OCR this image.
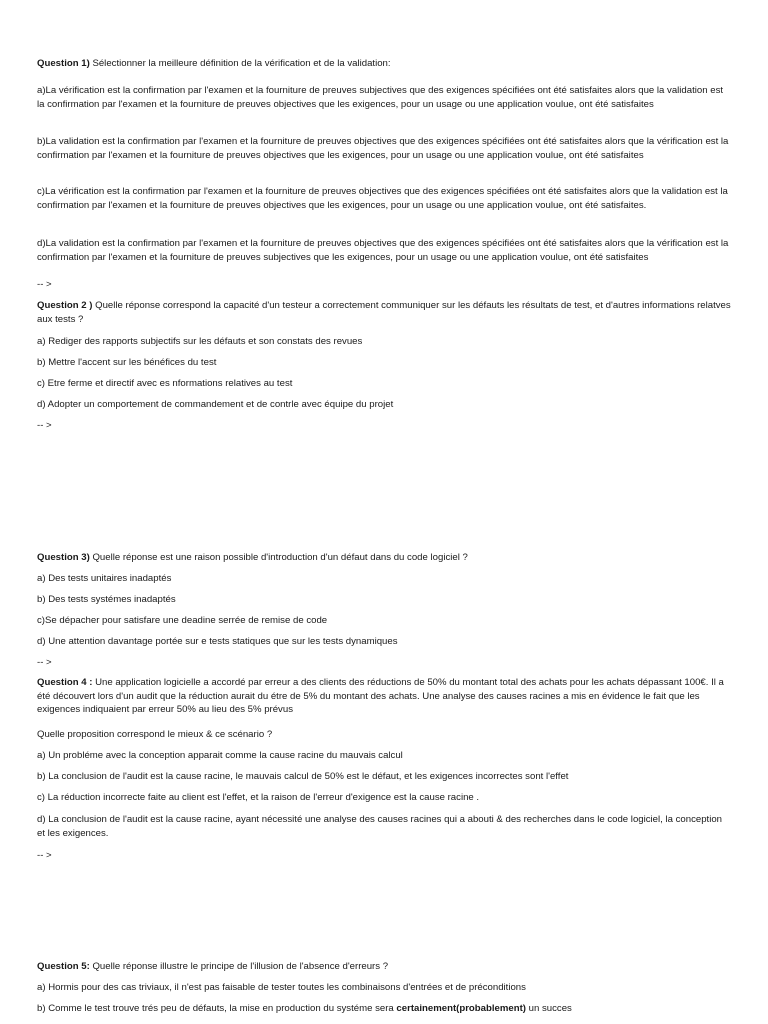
Question 1) Sélectionner la meilleure définition de la vérification et de la validation:
a)La vérification est la confirmation par l'examen et la fourniture de preuves subjectives que des exigences spécifiées ont été satisfaites alors que la validation est la confirmation par l'examen et la fourniture de preuves objectives que les exigences, pour un usage ou une application voulue, ont été satisfaites
b)La validation est la confirmation par l'examen et la fourniture de preuves objectives que des exigences spécifiées ont été satisfaites alors que la vérification est la confirmation par l'examen et la fourniture de preuves objectives que les exigences, pour un usage ou une application voulue, ont été satisfaites
c)La vérification est la confirmation par l'examen et la fourniture de preuves objectives que des exigences spécifiées ont été satisfaites alors que la validation est la confirmation par l'examen et la fourniture de preuves objectives que les exigences, pour un usage ou une application voulue, ont été satisfaites.
d)La validation est la confirmation par l'examen et la fourniture de preuves objectives que des exigences spécifiées ont été satisfaites alors que la vérification est la confirmation par l'examen et la fourniture de preuves subjectives que les exigences, pour un usage ou une application voulue, ont été satisfaites
-- >
Question 2 ) Quelle réponse correspond la capacité d'un testeur a correctement communiquer sur les défauts les résultats de test, et d'autres informations relatves aux tests ?
a) Rediger des rapports subjectifs sur les défauts et son constats des revues
b) Mettre l'accent sur les bénéfices du test
c) Etre ferme et directif avec es nformations relatives au test
d) Adopter un comportement de commandement et de contrle avec équipe du projet
-- >
Question 3) Quelle réponse est une raison possible d'introduction d'un défaut dans du code logiciel ?
a) Des tests unitaires inadaptés
b) Des tests systémes inadaptés
c)Se dépacher pour satisfare une deadine serrée de remise de code
d) Une attention davantage portée sur e tests statiques que sur les tests dynamiques
-- >
Question 4 : Une application logicielle a accordé par erreur a des clients des réductions de 50% du montant total des achats pour les achats dépassant 100€. Il a été découvert lors d'un audit que la réduction aurait du étre de 5% du montant des achats. Une analyse des causes racines a mis en évidence le fait que les exigences indiquaient par erreur 50% au lieu des 5% prévus
Quelle proposition correspond le mieux & ce scénario ?
a) Un probléme avec la conception apparait comme la cause racine du mauvais calcul
b) La conclusion de l'audit est la cause racine, le mauvais calcul de 50% est le défaut, et les exigences incorrectes sont l'effet
c) La réduction incorrecte faite au client est l'effet, et la raison de l'erreur d'exigence est la cause racine .
d) La conclusion de l'audit est la cause racine, ayant nécessité une analyse des causes racines qui a abouti & des recherches dans le code logiciel, la conception et les exigences.
-- >
Question 5: Quelle réponse illustre le principe de l'illusion de l'absence d'erreurs ?
a) Hormis pour des cas triviaux, il n'est pas faisable de tester toutes les combinaisons d'entrées et de préconditions
b) Comme le test trouve trés peu de défauts, la mise en production du systéme sera certainement(probablement) un succes
